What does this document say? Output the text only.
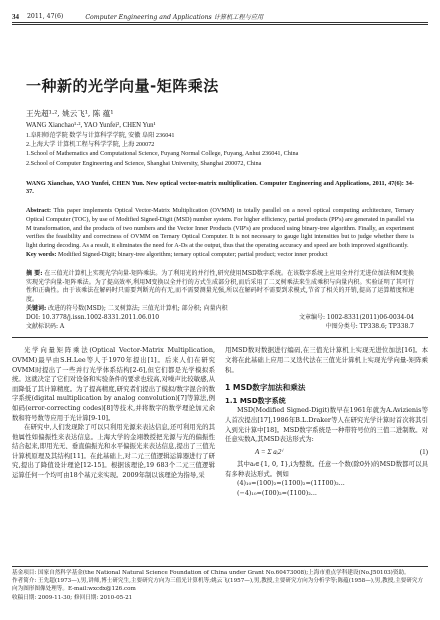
34 2011, 47(6)	Computer Engineering and Applications 计算机工程与应用
一种新的光学向量-矩阵乘法
王先超¹·², 姚云飞¹, 陈 蕴¹
WANG Xianchao¹·², YAO Yunfei², CHEN Yun¹
1.阜阳师范学院 数学与计算科学学院, 安徽 阜阳 236041
2.上海大学 计算机工程与科学学院, 上海 200072
1.School of Mathematics and Computational Science, Fuyang Normal College, Fuyang, Anhui 236041, China
2.School of Computer Engineering and Science, Shanghai University, Shanghai 200072, China
WANG Xianchao, YAO Yunfei, CHEN Yun. New optical vector-matrix multiplication. Computer Engineering and Applications, 2011, 47(6): 34-37.
Abstract: This paper implements Optical Vector-Matrix Multiplication (OVMM) in totally parallel on a novel optical computing architecture, Ternary Optical Computer (TOC), by use of Modified Signed-Digit (MSD) number system. For higher efficiency, partial products (PP's) are generated in parallel via M transformation, and the products of two numbers and the Vector Inner Products (VIP's) are produced using binary-tree algorithm. Finally, an experiment verifies the feasibility and correctness of OVMM on Ternary Optical Computer. It is not necessary to gauge light intensities but to judge whether there is light during decoding. As a result, it eliminates the need for A-Ds at the output, thus that the operating accuracy and speed are both improved significantly.
Key words: Modified Signed-Digit; binary-tree algorithm; ternary optical computer; partial product; vector inner product
摘 要: 在三值光计算机上实现光学向量-矩阵乘法。为了利用光的并行性,研究使用MSD数字系统。在该数字系统上应用全并行无进位加法和M变换实现光学向量-矩阵乘法。为了提高效率,利用M变换以全并行的方式生成部分积,而后采用了二叉树乘法来生成乘积与向量内积。实验证明了其可行性和正确性。由于该乘法在解码时只需要判断光的有无,而不需要测量光强,所以在解码时不需要到求模式,节省了相关的开销,提高了运算精度和速度。
关键词: 改进的符号数(MSD); 二叉树算法; 三值光计算机; 部分积; 向量内积
DOI: 10.3778/j.issn.1002-8331.2011.06.010	文章编号: 1002-8331(2011)06-0034-04
文献标识码: A	中图分类号: TP338.6; TP338.7

光学向量矩阵乘法(Optical Vector-Matrix Multiplication, OVMM)最早由S.H.Lee等人于1970年提出[1]。后来人们在研究OVMM时提出了一些并行光学体系结构[2-6],但它们都是光学模拟系统。这就决定了它们对设备和实验条件的要求也较高,对噪声比较敏感,从而降低了其计算精度。为了提高精度,研究者们提出了模拟/数字混合的数字系统(digital multiplication by analog convolution)[7]等算法,例如码(error-correcting codes)[8]等技术,并将数字的数学理论加元余数和符号数等应用于光计算[9-10]。

在研究中,人们发现除了可以只利用光源来表达信息,还可利用光的其他属性如偏振性来表达信息。上海大学的金翊教授把光源与光的偏振性结合起来,即用光无、垂直偏振光和水平偏振光来表达信息,提出了三值光计算机原理及其结构[11]。在此基础上,对二元三值逻辑运算器进行了研究,提出了降值设计理论[12-15]。根据该理论,19 683个二元三值逻辑运算任何一个均可由18个基元来实现。2009年制以该理论为指导,采

用MSD数对数据进行编码,在三值光计算机上实现无进位加法[16]。本文将在此基础上应用二叉迭代法在三值光计算机上实现光学向量-矩阵乘积。
1 MSD数字加法和乘法
1.1 MSD数字系统

MSD(Modified Signed-Digit)数早在1961年就为A.Avizienis等人首次提出[17],1986年B.L.Draker等人在研究光学计算时首次将其引入到光计算中[18]。MSD数字系统是一种带符号位的三值二进制数。对任意实数A,其MSD表达形式为:

A = Σ aᵢ2ⁱ	(1)

其中aᵢ∈{1, 0, 1̄},i为整数。任意一个数(除0外)的MSD数都可以具有多种表达形式。例如

(4)₁₀=(100)₂=(11̄00)₂=(11̄1̄00)₂...
(−4)₁₀=(1̄00)₂=(1̄100)₂...
基金项目: 国家自然科学基金(the National Natural Science Foundation of China under Grant No.60473008);上海市重点学科建设(No.J50103)资助。
作者简介: 王先超(1973—),男,讲师,博士研究生,主要研究方向为三值光计算机等;姚云飞(1957—),男,教授,主要研究方向为分析学等;陈蕴(1958—),男,教授,主要研究方向为图形图像处理等。E-mail:wxcdx@126.com
收稿日期: 2009-11-30; 修回日期: 2010-05-21
